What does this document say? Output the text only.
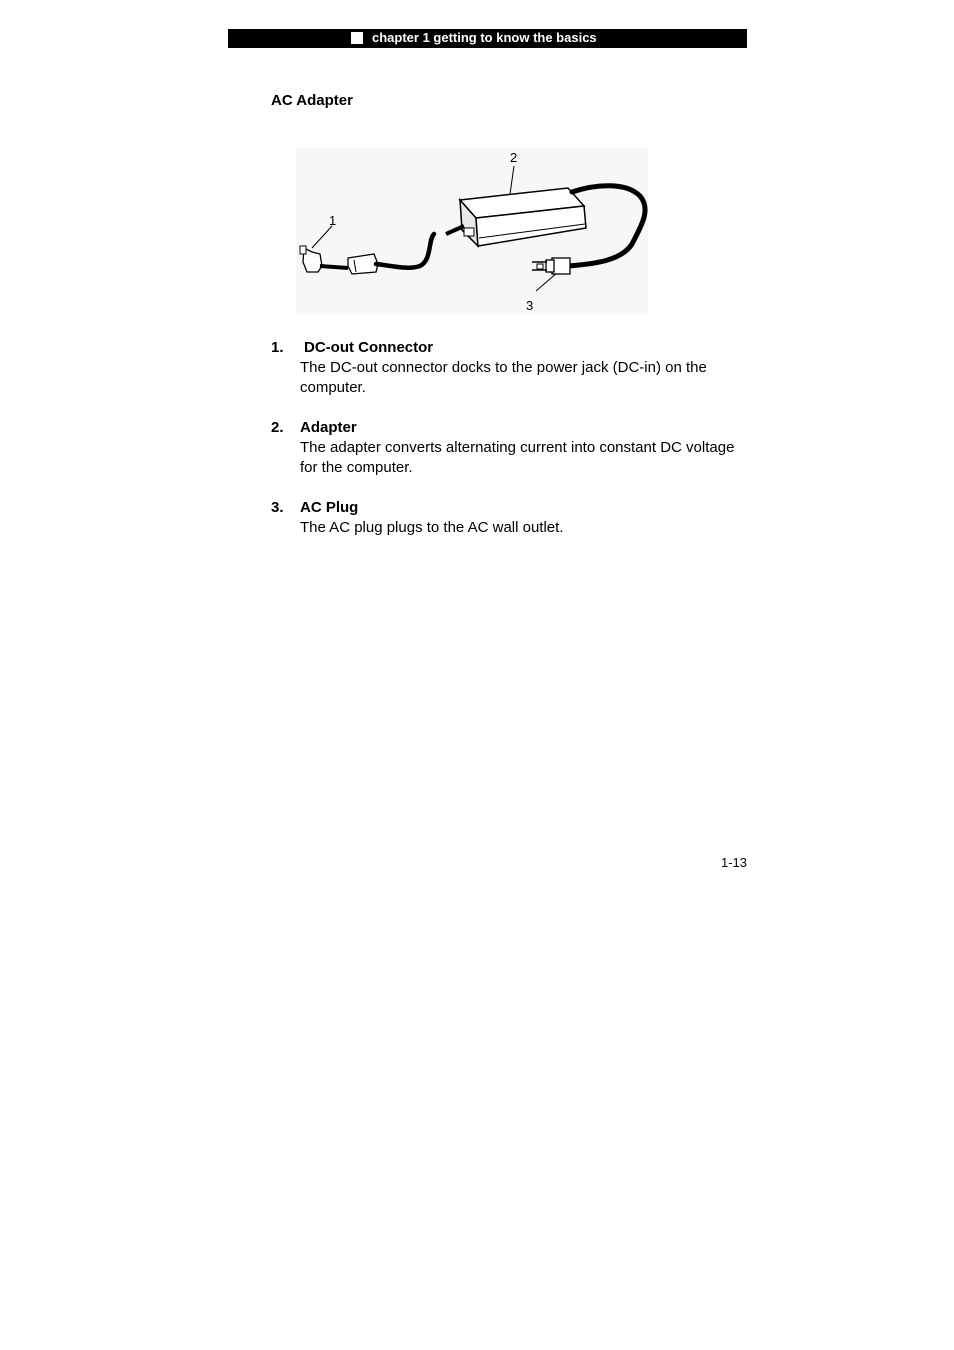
chapter 1 getting to know the basics
AC Adapter
2
1
3
1. DC-out Connector
The DC-out connector docks to the power jack (DC-in) on the computer.
2. Adapter
The adapter converts alternating current into constant DC voltage for the computer.
3. AC Plug
The AC plug plugs to the AC wall outlet.
1-13
